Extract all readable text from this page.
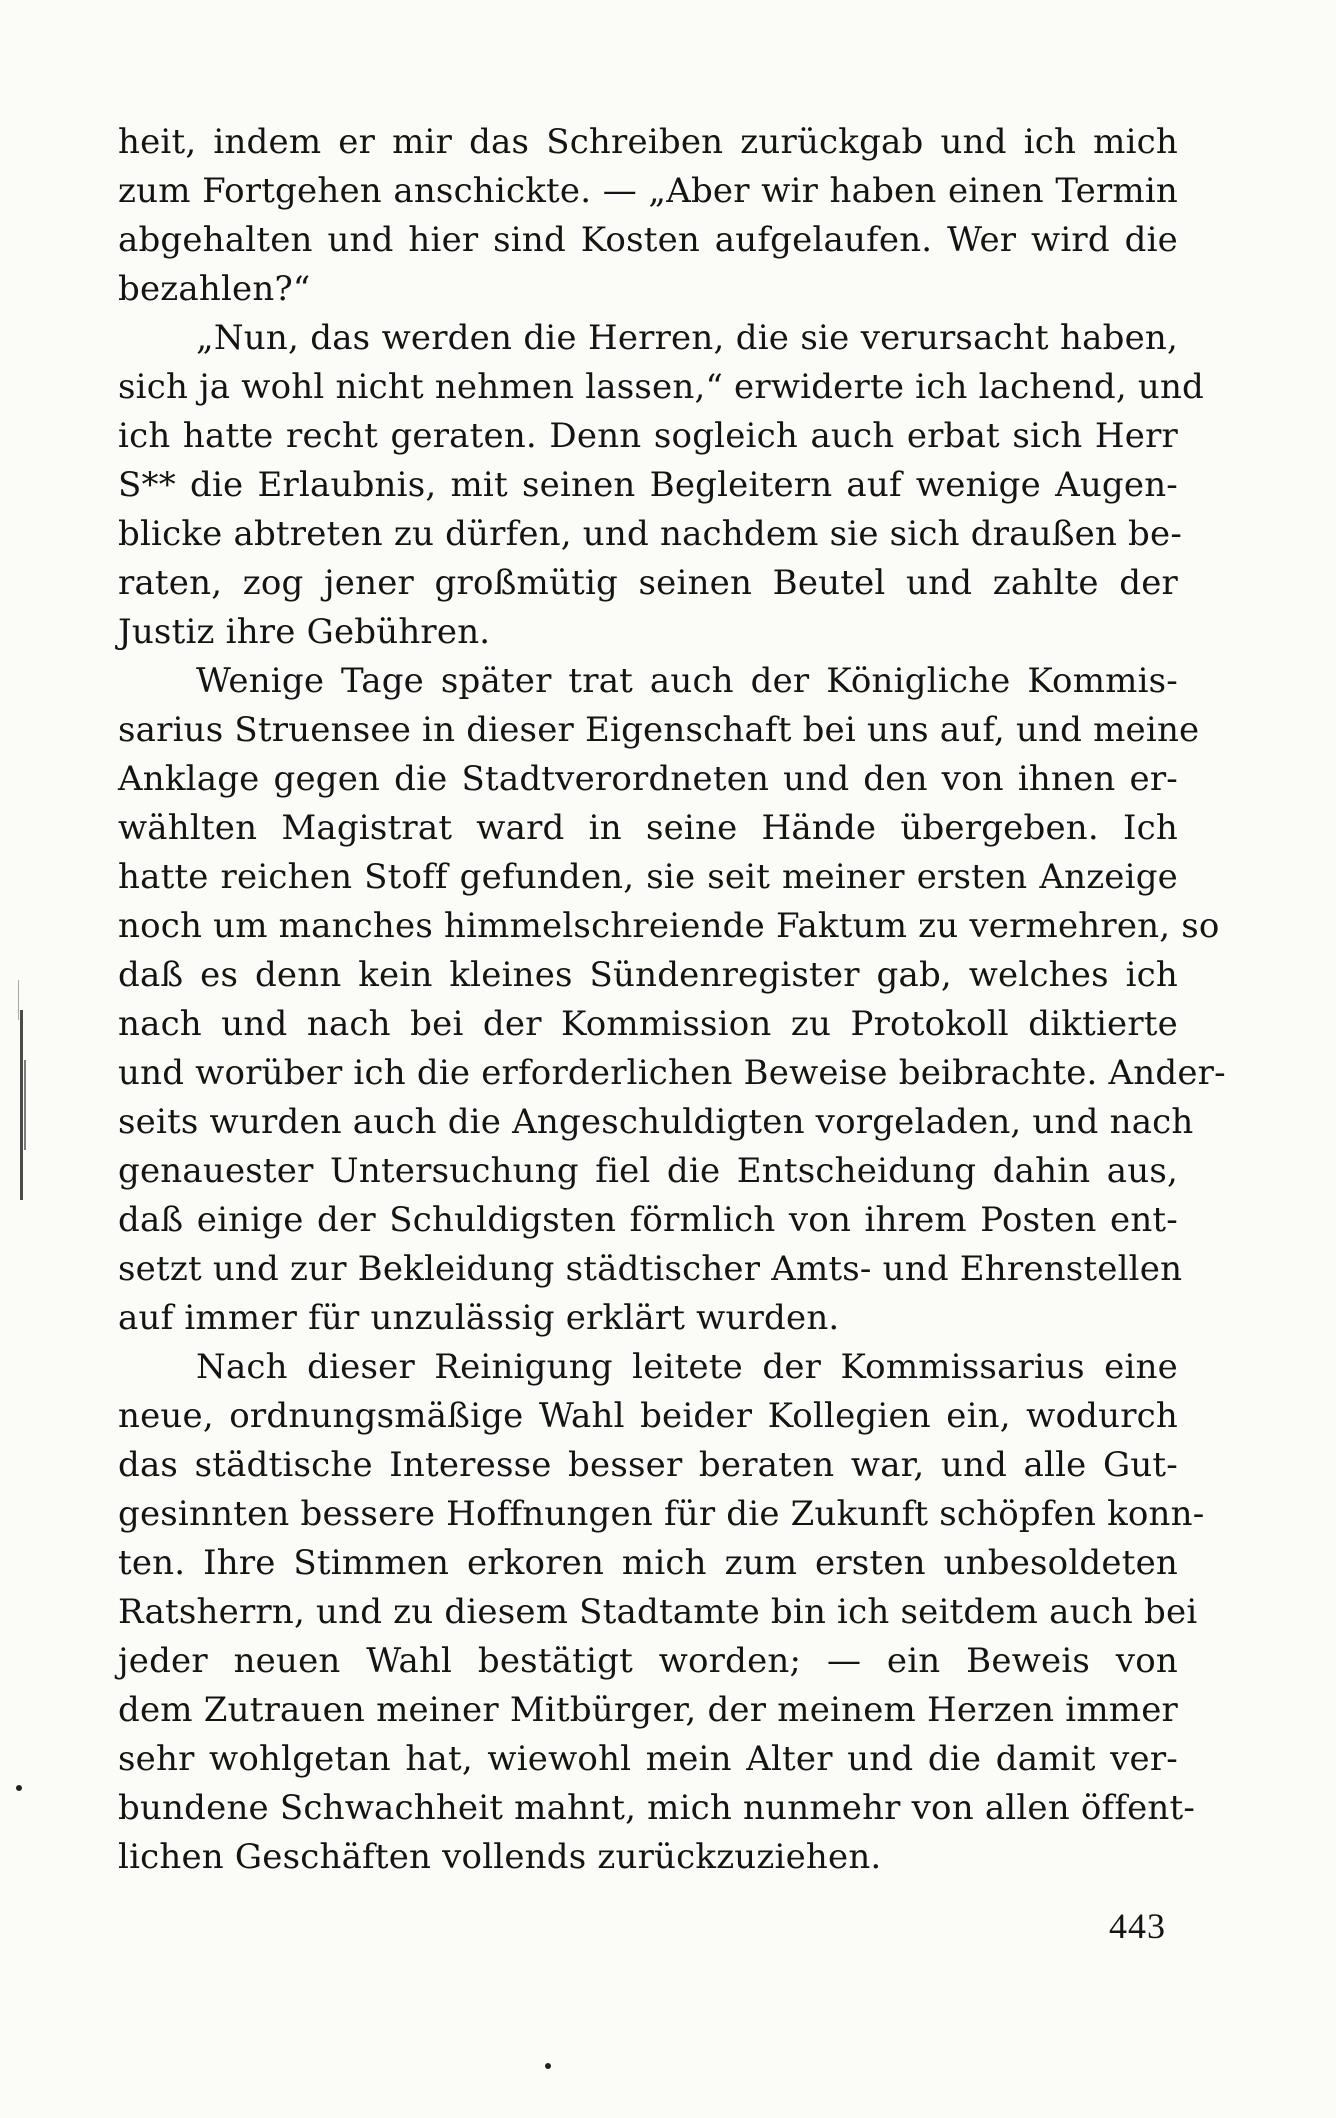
heit, indem er mir das Schreiben zurückgab und ich mich
zum Fortgehen anschickte. — „Aber wir haben einen Termin
abgehalten und hier sind Kosten aufgelaufen. Wer wird die
bezahlen?“
„Nun, das werden die Herren, die sie verursacht haben,
sich ja wohl nicht nehmen lassen,“ erwiderte ich lachend, und
ich hatte recht geraten. Denn sogleich auch erbat sich Herr
S** die Erlaubnis, mit seinen Begleitern auf wenige Augen-
blicke abtreten zu dürfen, und nachdem sie sich draußen be-
raten, zog jener großmütig seinen Beutel und zahlte der
Justiz ihre Gebühren.
Wenige Tage später trat auch der Königliche Kommis-
sarius Struensee in dieser Eigenschaft bei uns auf, und meine
Anklage gegen die Stadtverordneten und den von ihnen er-
wählten Magistrat ward in seine Hände übergeben. Ich
hatte reichen Stoff gefunden, sie seit meiner ersten Anzeige
noch um manches himmelschreiende Faktum zu vermehren, so
daß es denn kein kleines Sündenregister gab, welches ich
nach und nach bei der Kommission zu Protokoll diktierte
und worüber ich die erforderlichen Beweise beibrachte. Ander-
seits wurden auch die Angeschuldigten vorgeladen, und nach
genauester Untersuchung fiel die Entscheidung dahin aus,
daß einige der Schuldigsten förmlich von ihrem Posten ent-
setzt und zur Bekleidung städtischer Amts- und Ehrenstellen
auf immer für unzulässig erklärt wurden.
Nach dieser Reinigung leitete der Kommissarius eine
neue, ordnungsmäßige Wahl beider Kollegien ein, wodurch
das städtische Interesse besser beraten war, und alle Gut-
gesinnten bessere Hoffnungen für die Zukunft schöpfen konn-
ten. Ihre Stimmen erkoren mich zum ersten unbesoldeten
Ratsherrn, und zu diesem Stadtamte bin ich seitdem auch bei
jeder neuen Wahl bestätigt worden; — ein Beweis von
dem Zutrauen meiner Mitbürger, der meinem Herzen immer
sehr wohlgetan hat, wiewohl mein Alter und die damit ver-
bundene Schwachheit mahnt, mich nunmehr von allen öffent-
lichen Geschäften vollends zurückzuziehen.
443
